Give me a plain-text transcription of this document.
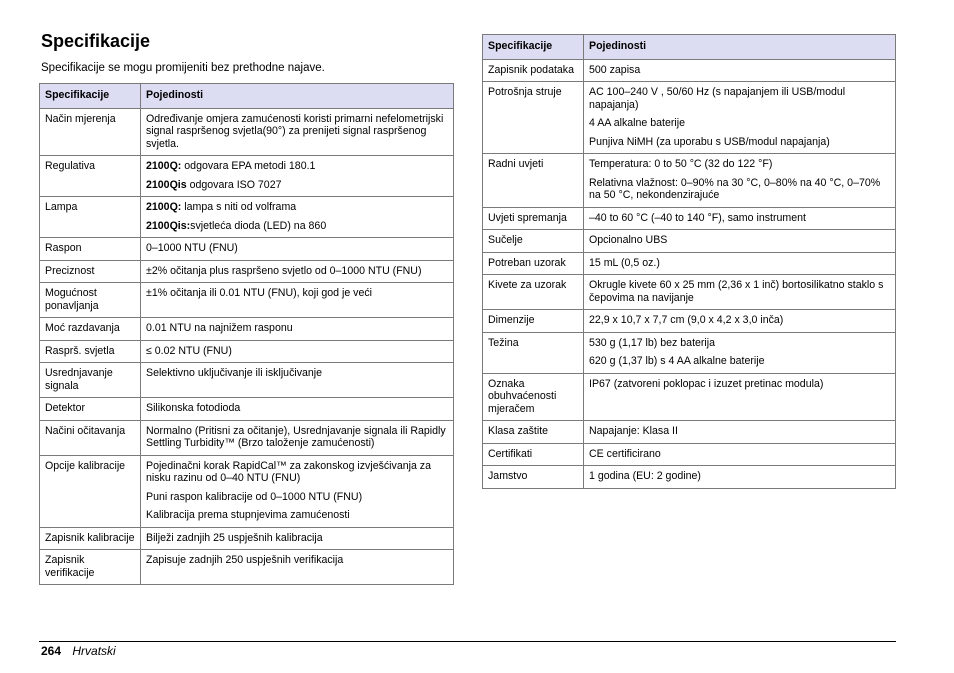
Specifikacije

Specifikacije se mogu promijeniti bez prethodne najave.

Specifikacije	Pojedinosti
Način mjerenja	Određivanje omjera zamućenosti koristi primarni nefelometrijski signal raspršenog svjetla(90°) za prenijeti signal raspršenog svjetla.

Regulativa	2100Q: odgovara EPA metodi 180.1

2100Qis odgovara ISO 7027

Lampa	2100Q: lampa s niti od volframa

2100Qis:svjetleća dioda (LED) na 860

Raspon	0–1000 NTU (FNU)

Preciznost	±2% očitanja plus raspršeno svjetlo od 0–1000 NTU (FNU)

Mogućnost ponavljanja	±1% očitanja ili 0.01 NTU (FNU), koji god je veći

Moć razdavanja	0.01 NTU na najnižem rasponu

Rasprš. svjetla	≤ 0.02 NTU (FNU)

Usrednjavanje signala	Selektivno uključivanje ili isključivanje

Detektor	Silikonska fotodioda

Načini očitavanja	Normalno (Pritisni za očitanje), Usrednjavanje signala ili Rapidly Settling Turbidity™ (Brzo taloženje zamućenosti)

Opcije kalibracije	Pojedinačni korak RapidCal™ za zakonskog izvješćivanja za nisku razinu od 0–40 NTU (FNU)

Puni raspon kalibracije od 0–1000 NTU (FNU)

Kalibracija prema stupnjevima zamućenosti

Zapisnik kalibracije	Bilježi zadnjih 25 uspješnih kalibracija

Zapisnik verifikacije	Zapisuje zadnjih 250 uspješnih verifikacija

Specifikacije	Pojedinosti
Zapisnik podataka	500 zapisa

Potrošnja struje	AC 100–240 V , 50/60 Hz (s napajanjem ili USB/modul napajanja)

4 AA alkalne baterije

Punjiva NiMH (za uporabu s USB/modul napajanja)

Radni uvjeti	Temperatura: 0 to 50 °C (32 do 122 °F)

Relativna vlažnost: 0–90% na 30 °C, 0–80% na 40 °C, 0–70% na 50 °C, nekondenzirajuće

Uvjeti spremanja	–40 to 60 °C (–40 to 140 °F), samo instrument

Sučelje	Opcionalno UBS

Potreban uzorak	15 mL (0,5 oz.)

Kivete za uzorak	Okrugle kivete 60 x 25 mm (2,36 x 1 inč) bortosilikatno staklo s čepovima na navijanje

Dimenzije	22,9 x 10,7 x 7,7 cm (9,0 x 4,2 x 3,0 inča)

Težina	530 g (1,17 lb) bez baterija

620 g (1,37 lb) s 4 AA alkalne baterije

Oznaka obuhvaćenosti mjeračem	IP67 (zatvoreni poklopac i izuzet pretinac modula)

Klasa zaštite	Napajanje: Klasa II

Certifikati	CE certificirano

Jamstvo	1 godina (EU: 2 godine)

264 Hrvatski
